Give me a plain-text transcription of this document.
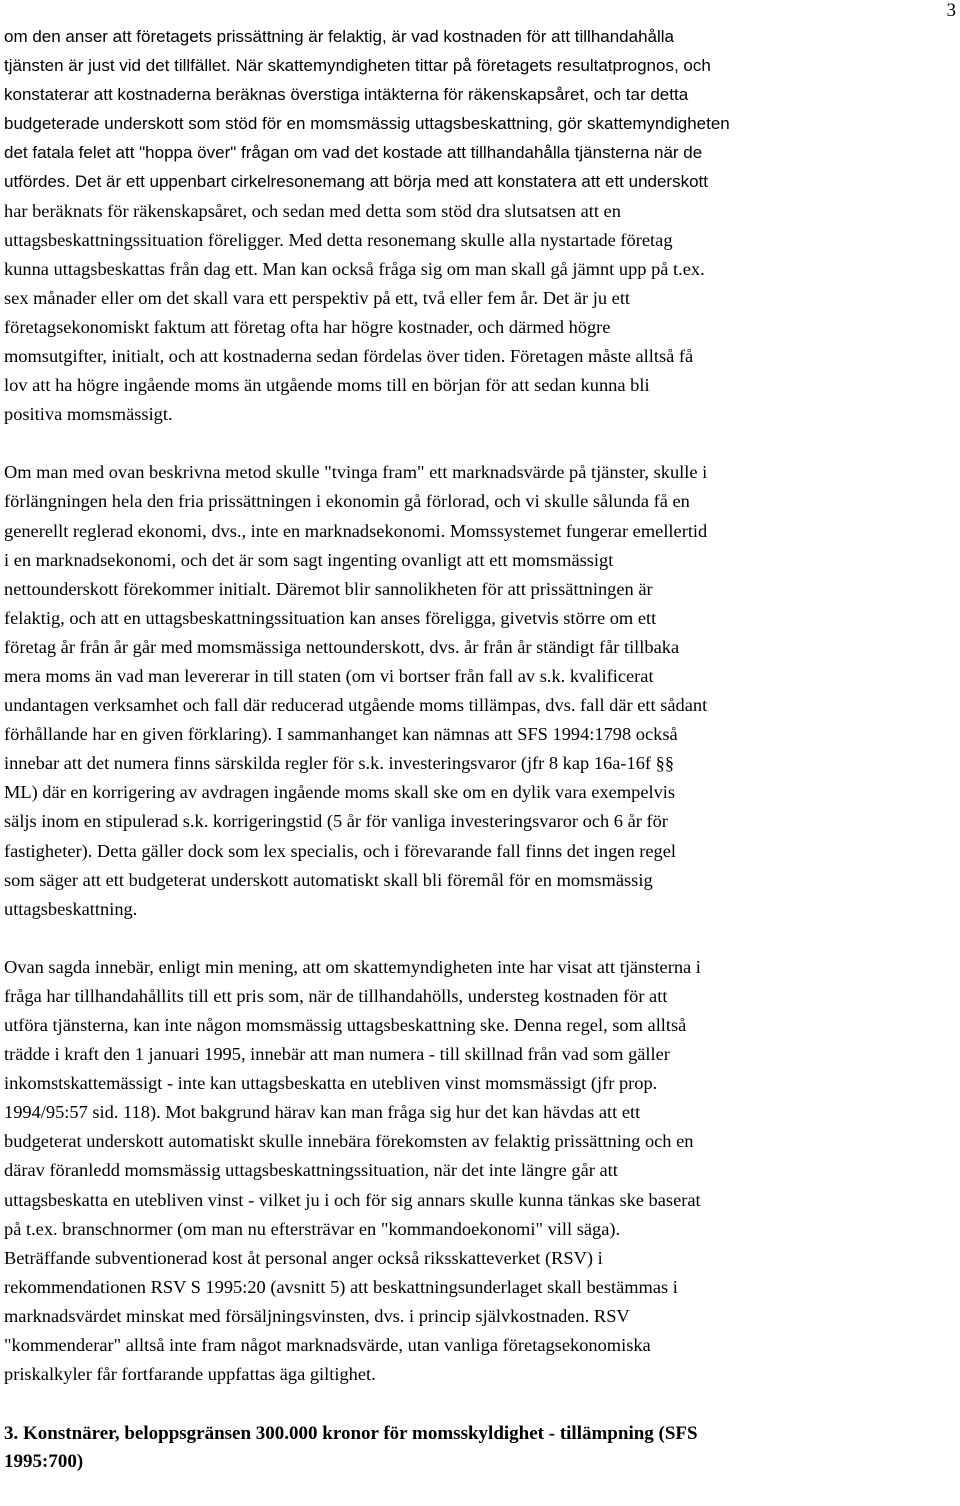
3

om den anser att företagets prissättning är felaktig, är vad kostnaden för att tillhandahålla
tjänsten är just vid det tillfället. När skattemyndigheten tittar på företagets resultatprognos, och
konstaterar att kostnaderna beräknas överstiga intäkterna för räkenskapsåret, och tar detta
budgeterade underskott som stöd för en momsmässig uttagsbeskattning, gör skattemyndigheten
det fatala felet att "hoppa över" frågan om vad det kostade att tillhandahålla tjänsterna när de
utfördes. Det är ett uppenbart cirkelresonemang att börja med att konstatera att ett underskott
har beräknats för räkenskapsåret, och sedan med detta som stöd dra slutsatsen att en
uttagsbeskattningssituation föreligger. Med detta resonemang skulle alla nystartade företag
kunna uttagsbeskattas från dag ett. Man kan också fråga sig om man skall gå jämnt upp på t.ex.
sex månader eller om det skall vara ett perspektiv på ett, två eller fem år. Det är ju ett
företagsekonomiskt faktum att företag ofta har högre kostnader, och därmed högre
momsutgifter, initialt, och att kostnaderna sedan fördelas över tiden. Företagen måste alltså få
lov att ha högre ingående moms än utgående moms till en början för att sedan kunna bli
positiva momsmässigt.

Om man med ovan beskrivna metod skulle "tvinga fram" ett marknadsvärde på tjänster, skulle i
förlängningen hela den fria prissättningen i ekonomin gå förlorad, och vi skulle sålunda få en
generellt reglerad ekonomi, dvs., inte en marknadsekonomi. Momssystemet fungerar emellertid
i en marknadsekonomi, och det är som sagt ingenting ovanligt att ett momsmässigt
nettounderskott förekommer initialt. Däremot blir sannolikheten för att prissättningen är
felaktig, och att en uttagsbeskattningssituation kan anses föreligga, givetvis större om ett
företag år från år går med momsmässiga nettounderskott, dvs. år från år ständigt får tillbaka
mera moms än vad man levererar in till staten (om vi bortser från fall av s.k. kvalificerat
undantagen verksamhet och fall där reducerad utgående moms tillämpas, dvs. fall där ett sådant
förhållande har en given förklaring). I sammanhanget kan nämnas att SFS 1994:1798 också
innebar att det numera finns särskilda regler för s.k. investeringsvaror (jfr 8 kap 16a-16f §§
ML) där en korrigering av avdragen ingående moms skall ske om en dylik vara exempelvis
säljs inom en stipulerad s.k. korrigeringstid (5 år för vanliga investeringsvaror och 6 år för
fastigheter). Detta gäller dock som lex specialis, och i förevarande fall finns det ingen regel
som säger att ett budgeterat underskott automatiskt skall bli föremål för en momsmässig
uttagsbeskattning.

Ovan sagda innebär, enligt min mening, att om skattemyndigheten inte har visat att tjänsterna i
fråga har tillhandahållits till ett pris som, när de tillhandahölls, understeg kostnaden för att
utföra tjänsterna, kan inte någon momsmässig uttagsbeskattning ske. Denna regel, som alltså
trädde i kraft den 1 januari 1995, innebär att man numera - till skillnad från vad som gäller
inkomstskattemässigt - inte kan uttagsbeskatta en utebliven vinst momsmässigt (jfr prop.
1994/95:57 sid. 118). Mot bakgrund härav kan man fråga sig hur det kan hävdas att ett
budgeterat underskott automatiskt skulle innebära förekomsten av felaktig prissättning och en
därav föranledd momsmässig uttagsbeskattningssituation, när det inte längre går att
uttagsbeskatta en utebliven vinst - vilket ju i och för sig annars skulle kunna tänkas ske baserat
på t.ex. branschnormer (om man nu eftersträvar en "kommandoekonomi" vill säga).
Beträffande subventionerad kost åt personal anger också riksskatteverket (RSV) i
rekommendationen RSV S 1995:20 (avsnitt 5) att beskattningsunderlaget skall bestämmas i
marknadsvärdet minskat med försäljningsvinsten, dvs. i princip självkostnaden. RSV
"kommenderar" alltså inte fram något marknadsvärde, utan vanliga företagsekonomiska
priskalkyler får fortfarande uppfattas äga giltighet.

3. Konstnärer, beloppsgränsen 300.000 kronor för momsskyldighet - tillämpning (SFS
1995:700)
